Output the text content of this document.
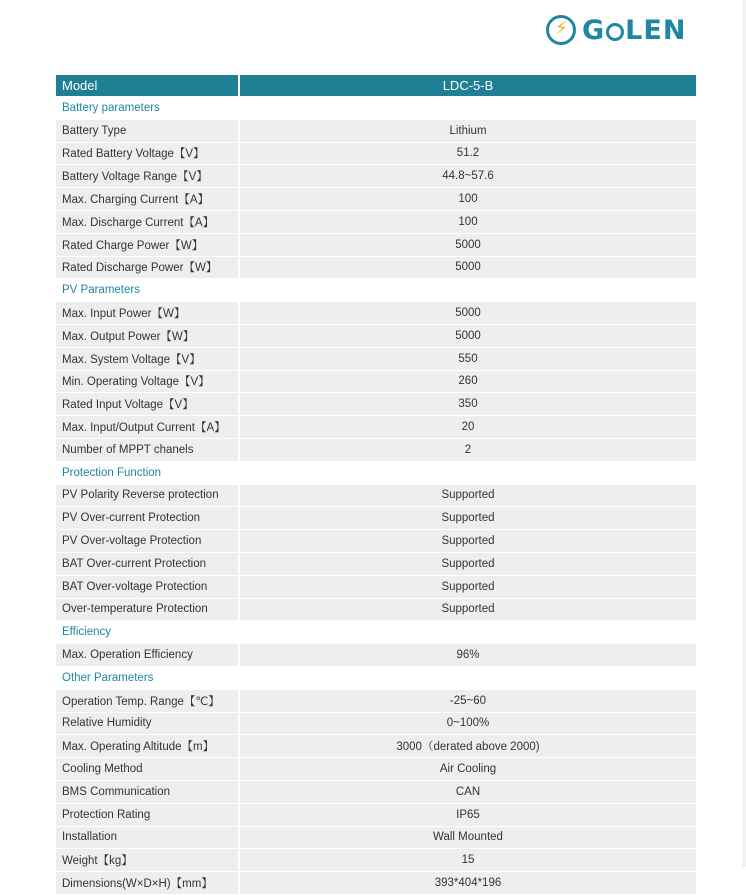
⚡ G LEN
Model	LDC-5-B
Battery parameters	
Battery Type	Lithium
Rated Battery Voltage【V】	51.2
Battery Voltage Range【V】	44.8~57.6
Max. Charging Current【A】	100
Max. Discharge Current【A】	100
Rated Charge Power【W】	5000
Rated Discharge Power【W】	5000
PV Parameters	
Max. Input Power【W】	5000
Max. Output Power【W】	5000
Max. System Voltage【V】	550
Min. Operating Voltage【V】	260
Rated Input Voltage【V】	350
Max. Input/Output Current【A】	20
Number of MPPT chanels	2
Protection Function	
PV Polarity Reverse protection	Supported
PV Over-current Protection	Supported
PV Over-voltage Protection	Supported
BAT Over-current Protection	Supported
BAT Over-voltage Protection	Supported
Over-temperature Protection	Supported
Efficiency	
Max. Operation Efficiency	96%
Other Parameters	
Operation Temp. Range【℃】	-25~60
Relative Humidity	0~100%
Max. Operating Altitude【m】	3000（derated above 2000)
Cooling Method	Air Cooling
BMS Communication	CAN
Protection Rating	IP65
Installation	Wall Mounted
Weight【kg】	15
Dimensions(W×D×H)【mm】	393*404*196
